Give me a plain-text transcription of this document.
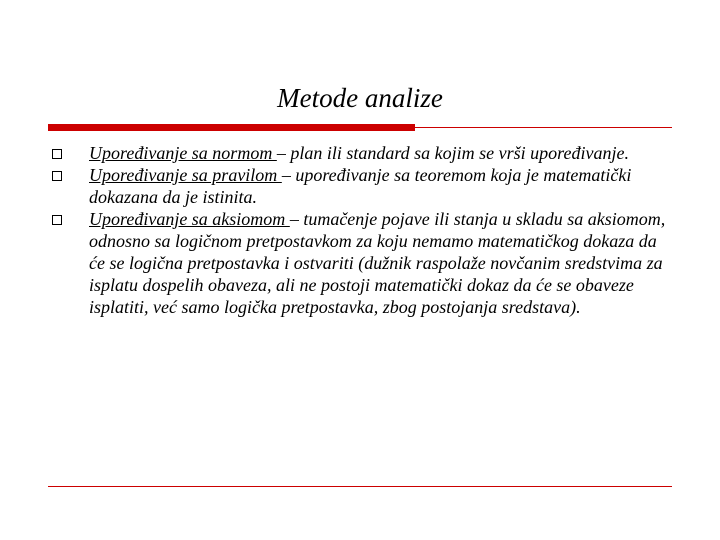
Metode analize
Upoređivanje sa normom – plan ili standard sa kojim se vrši upoređivanje.
Upoređivanje sa pravilom – upoređivanje sa teoremom koja je matematički dokazana da je istinita.
Upoređivanje sa aksiomom – tumačenje pojave ili stanja u skladu sa aksiomom, odnosno sa logičnom pretpostavkom za koju nemamo matematičkog dokaza da će se logična pretpostavka i ostvariti (dužnik raspolaže novčanim sredstvima za isplatu dospelih obaveza, ali ne postoji matematički dokaz da će se obaveze isplatiti, već samo logička pretpostavka, zbog postojanja sredstava).
